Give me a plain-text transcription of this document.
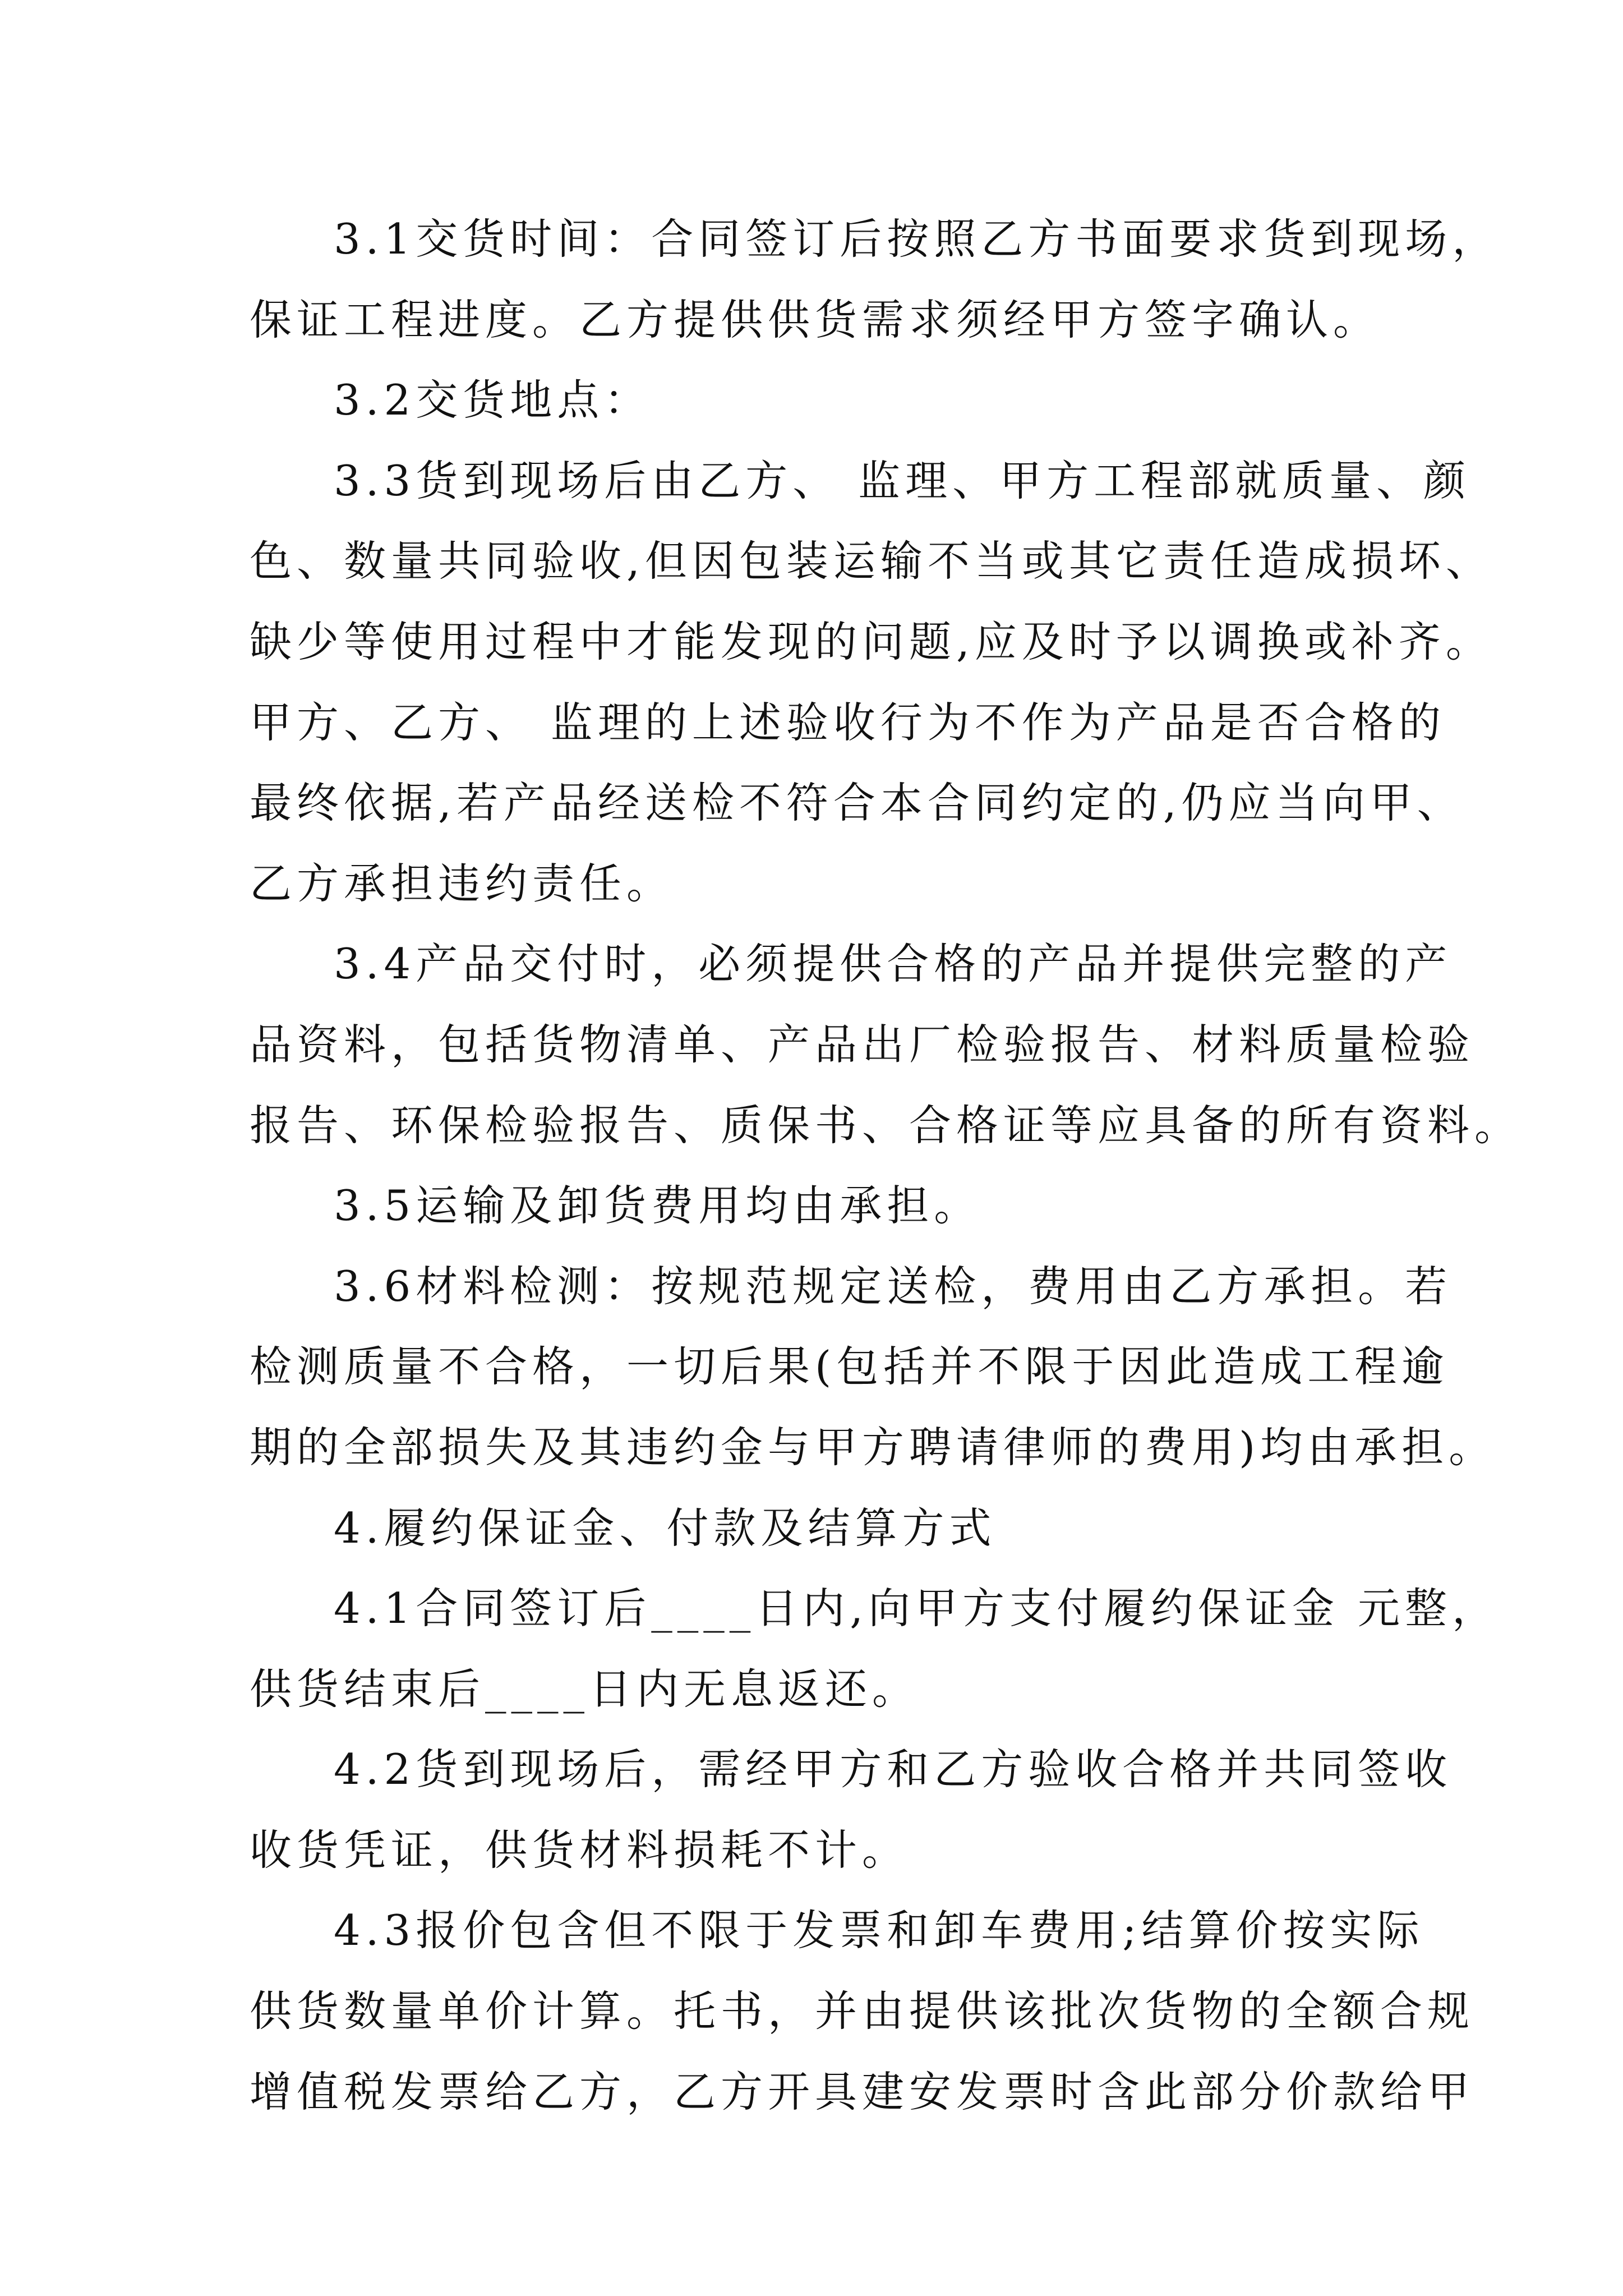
3.1交货时间：合同签订后按照乙方书面要求货到现场，
保证工程进度。乙方提供供货需求须经甲方签字确认。

3.2交货地点：

3.3货到现场后由乙方、 监理、甲方工程部就质量、颜
色、数量共同验收,但因包装运输不当或其它责任造成损坏、
缺少等使用过程中才能发现的问题,应及时予以调换或补齐。
甲方、乙方、 监理的上述验收行为不作为产品是否合格的
最终依据,若产品经送检不符合本合同约定的,仍应当向甲、
乙方承担违约责任。

3.4产品交付时，必须提供合格的产品并提供完整的产
品资料，包括货物清单、产品出厂检验报告、材料质量检验
报告、环保检验报告、质保书、合格证等应具备的所有资料。

3.5运输及卸货费用均由承担。

3.6材料检测：按规范规定送检，费用由乙方承担。若
检测质量不合格，一切后果(包括并不限于因此造成工程逾
期的全部损失及其违约金与甲方聘请律师的费用)均由承担。

4.履约保证金、付款及结算方式

4.1合同签订后____日内,向甲方支付履约保证金 元整，
供货结束后____日内无息返还。

4.2货到现场后，需经甲方和乙方验收合格并共同签收
收货凭证，供货材料损耗不计。

4.3报价包含但不限于发票和卸车费用;结算价按实际
供货数量单价计算。托书，并由提供该批次货物的全额合规
增值税发票给乙方，乙方开具建安发票时含此部分价款给甲
